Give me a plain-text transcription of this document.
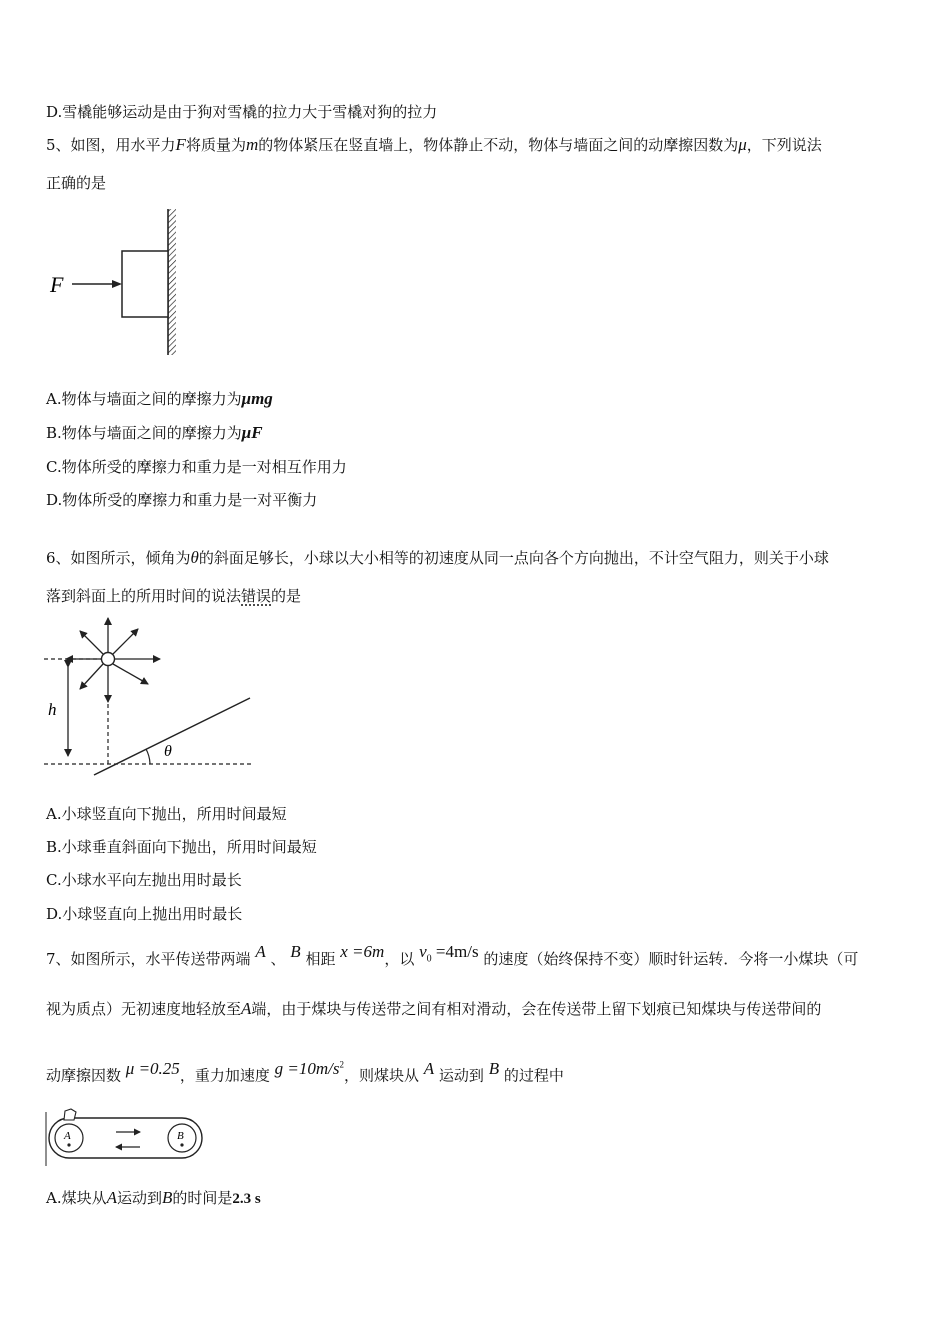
D.雪橇能够运动是由于狗对雪橇的拉力大于雪橇对狗的拉力
5、如图，用水平力F将质量为m的物体紧压在竖直墙上，物体静止不动，物体与墙面之间的动摩擦因数为μ，下列说法
正确的是
F
A.物体与墙面之间的摩擦力为μmg
B.物体与墙面之间的摩擦力为μF
C.物体所受的摩擦力和重力是一对相互作用力
D.物体所受的摩擦力和重力是一对平衡力
6、如图所示，倾角为θ的斜面足够长，小球以大小相等的初速度从同一点向各个方向抛出，不计空气阻力，则关于小球
落到斜面上的所用时间的说法错误的是
h
θ
A.小球竖直向下抛出，所用时间最短
B.小球垂直斜面向下抛出，所用时间最短
C.小球水平向左抛出用时最长
D.小球竖直向上抛出用时最长
7、如图所示，水平传送带两端 A 、 B 相距 x =6m，以 $v_0 =4m/s$ 的速度（始终保持不变）顺时针运转．今将一小煤块（可
视为质点）无初速度地轻放至A端，由于煤块与传送带之间有相对滑动，会在传送带上留下划痕已知煤块与传送带间的
动摩擦因数 μ =0.25，重力加速度 $g =10m/s^2$，则煤块从 A 运动到 B 的过程中
A	B
A.煤块从A运动到B的时间是2.3 s
